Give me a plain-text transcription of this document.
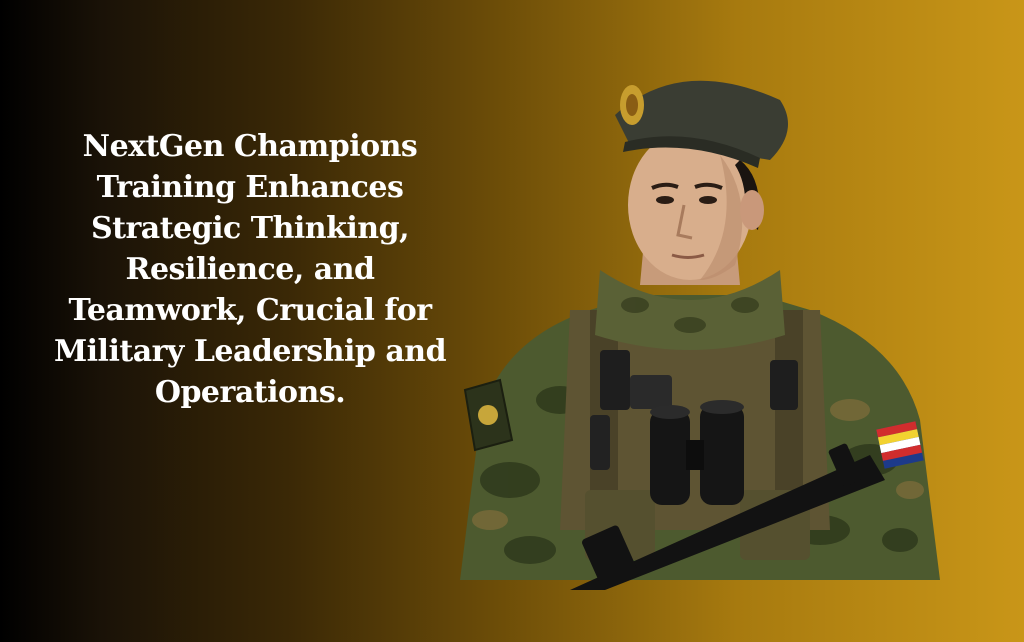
NextGen Champions
Training Enhances
Strategic Thinking,
Resilience, and
Teamwork, Crucial for
Military Leadership and
Operations.
